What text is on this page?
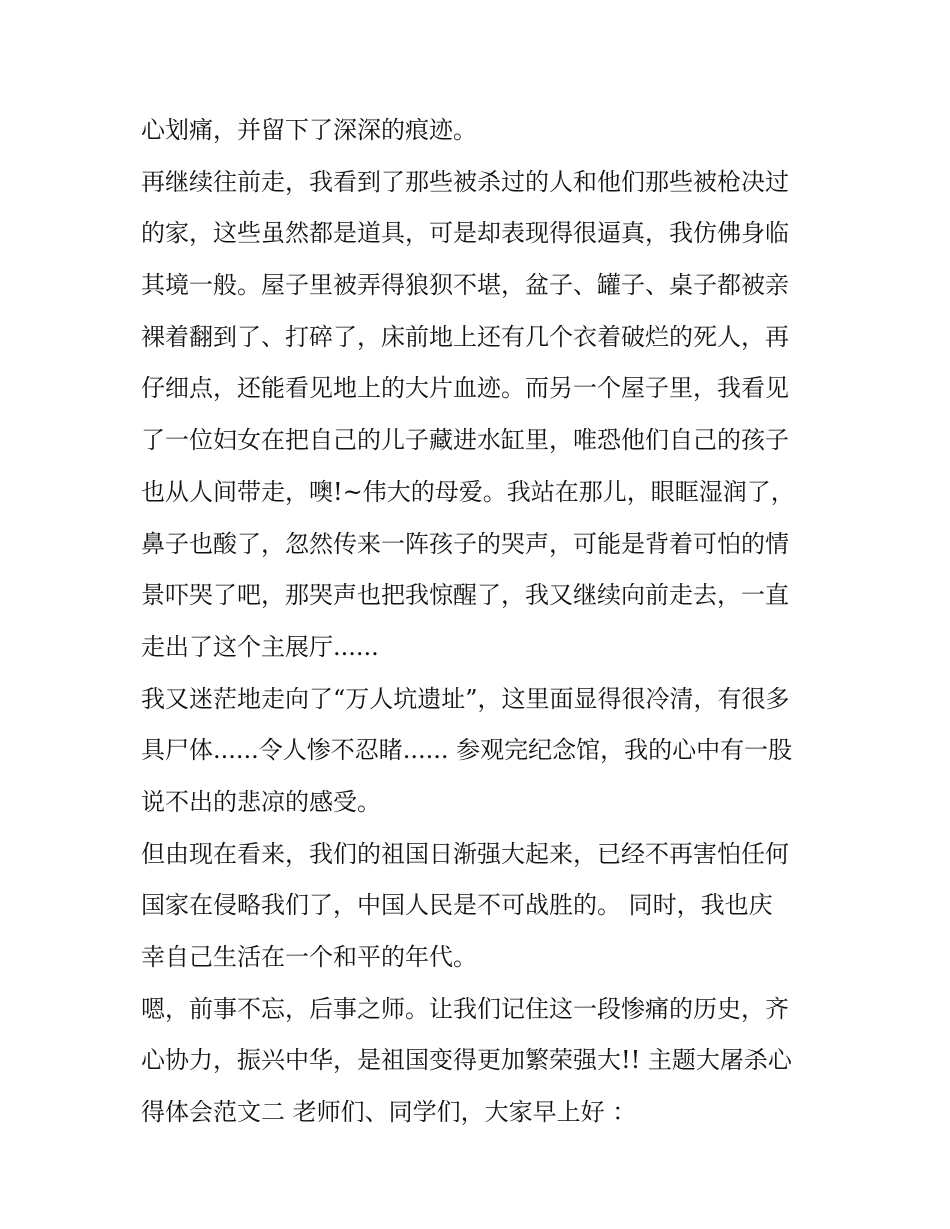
心划痛，并留下了深深的痕迹。
再继续往前走，我看到了那些被杀过的人和他们那些被枪决过
的家，这些虽然都是道具，可是却表现得很逼真，我仿佛身临
其境一般。屋子里被弄得狼狈不堪，盆子、罐子、桌子都被亲
裸着翻到了、打碎了，床前地上还有几个衣着破烂的死人，再
仔细点，还能看见地上的大片血迹。而另一个屋子里，我看见
了一位妇女在把自己的儿子藏进水缸里，唯恐他们自己的孩子
也从人间带走，噢!~伟大的母爱。我站在那儿，眼眶湿润了，
鼻子也酸了，忽然传来一阵孩子的哭声，可能是背着可怕的情
景吓哭了吧，那哭声也把我惊醒了，我又继续向前走去，一直
走出了这个主展厅......
我又迷茫地走向了“万人坑遗址”，这里面显得很冷清，有很多
具尸体......令人惨不忍睹...... 参观完纪念馆，我的心中有一股
说不出的悲凉的感受。
但由现在看来，我们的祖国日渐强大起来，已经不再害怕任何
国家在侵略我们了，中国人民是不可战胜的。 同时，我也庆
幸自己生活在一个和平的年代。
嗯，前事不忘，后事之师。让我们记住这一段惨痛的历史，齐
心协力，振兴中华，是祖国变得更加繁荣强大!! 主题大屠杀心
得体会范文二 老师们、同学们，大家早上好 ：
